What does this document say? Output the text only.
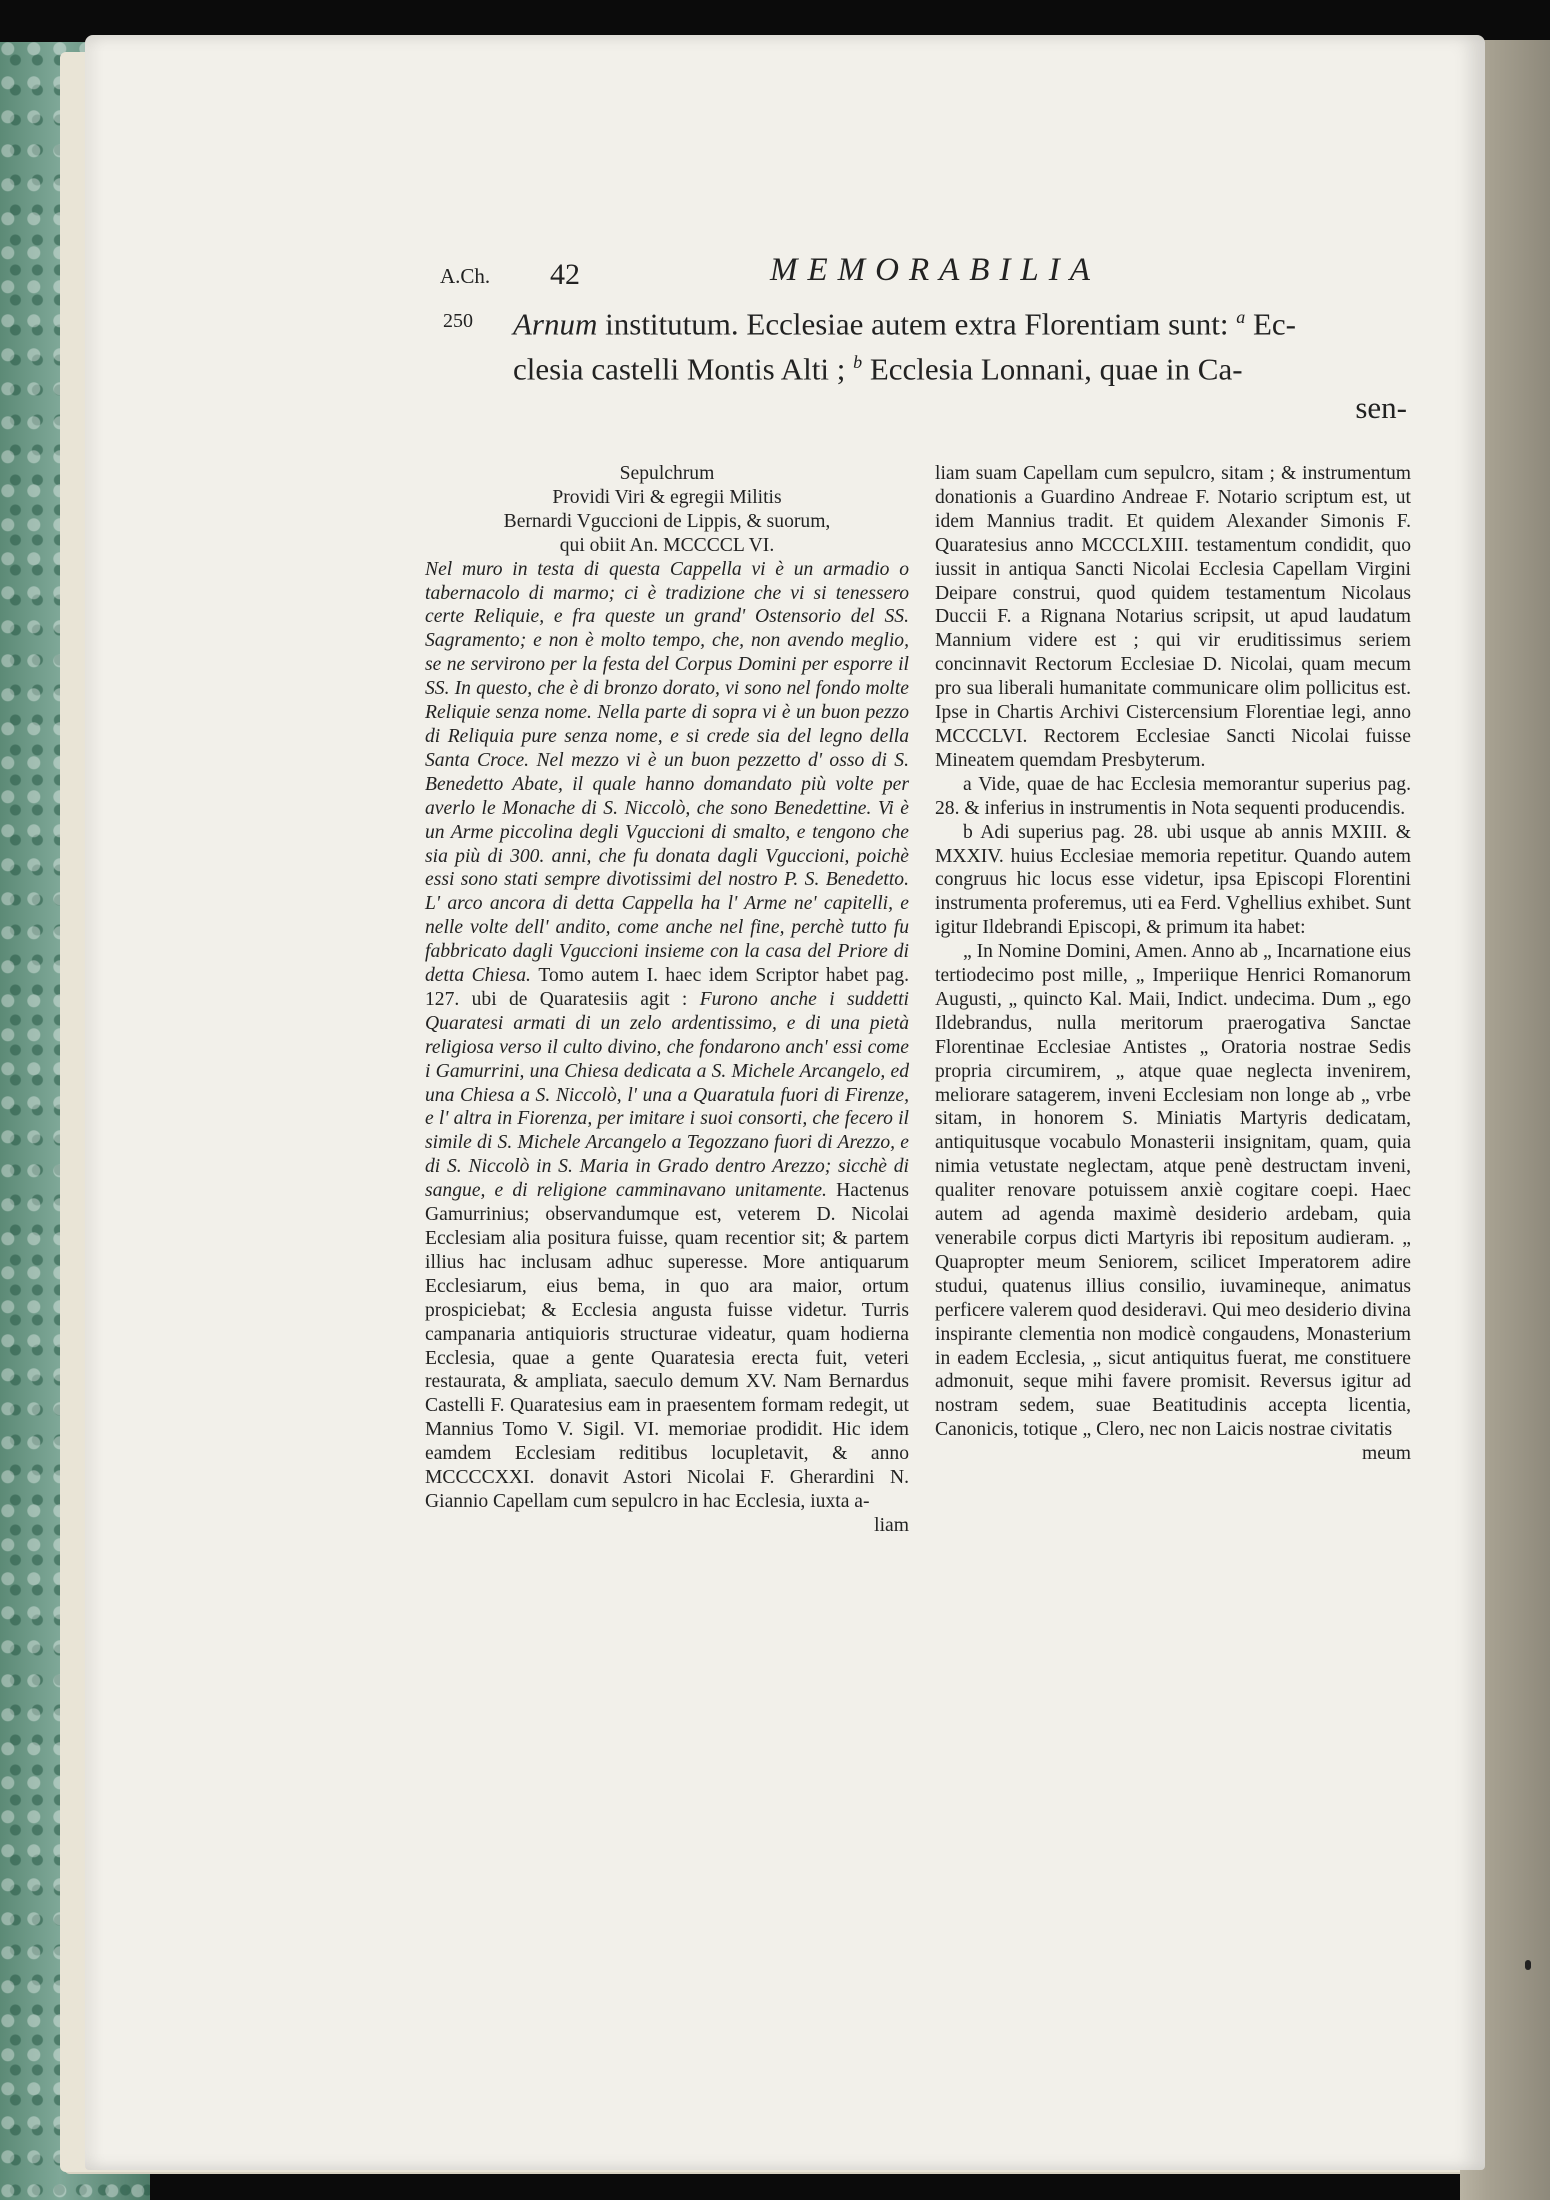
A.Ch. 42	MEMORABILIA
250	Arnum institutum. Ecclesiae autem extra Florentiam sunt: $^a$ Ec-
clesia castelli Montis Alti ; $^b$ Ecclesia Lonnani, quae in Ca-
sen-

Sepulchrum

Providi Viri & egregii Militis

Bernardi Vguccioni de Lippis, & suorum,

qui obiit An. MCCCCL VI.

Nel muro in testa di questa Cappella vi è un armadio o tabernacolo di marmo; ci è tradizione che vi si tenessero certe Reliquie, e fra queste un grand' Ostensorio del SS. Sagramento; e non è molto tempo, che, non avendo meglio, se ne servirono per la festa del Corpus Domini per esporre il SS. In questo, che è di bronzo dorato, vi sono nel fondo molte Reliquie senza nome. Nella parte di sopra vi è un buon pezzo di Reliquia pure senza nome, e si crede sia del legno della Santa Croce. Nel mezzo vi è un buon pezzetto d' osso di S. Benedetto Abate, il quale hanno domandato più volte per averlo le Monache di S. Niccolò, che sono Benedettine. Vi è un Arme piccolina degli Vguccioni di smalto, e tengono che sia più di 300. anni, che fu donata dagli Vguccioni, poichè essi sono stati sempre divotissimi del nostro P. S. Benedetto. L' arco ancora di detta Cappella ha l' Arme ne' capitelli, e nelle volte dell' andito, come anche nel fine, perchè tutto fu fabbricato dagli Vguccioni insieme con la casa del Priore di detta Chiesa. Tomo autem I. haec idem Scriptor habet pag. 127. ubi de Quaratesiis agit : Furono anche i suddetti Quaratesi armati di un zelo ardentissimo, e di una pietà religiosa verso il culto divino, che fondarono anch' essi come i Gamurrini, una Chiesa dedicata a S. Michele Arcangelo, ed una Chiesa a S. Niccolò, l' una a Quaratula fuori di Firenze, e l' altra in Fiorenza, per imitare i suoi consorti, che fecero il simile di S. Michele Arcangelo a Tegozzano fuori di Arezzo, e di S. Niccolò in S. Maria in Grado dentro Arezzo; sicchè di sangue, e di religione camminavano unitamente. Hactenus Gamurrinius; observandumque est, veterem D. Nicolai Ecclesiam alia positura fuisse, quam recentior sit; & partem illius hac inclusam adhuc superesse. More antiquarum Ecclesiarum, eius bema, in quo ara maior, ortum prospiciebat; & Ecclesia angusta fuisse videtur. Turris campanaria antiquioris structurae videatur, quam hodierna Ecclesia, quae a gente Quaratesia erecta fuit, veteri restaurata, & ampliata, saeculo demum XV. Nam Bernardus Castelli F. Quaratesius eam in praesentem formam redegit, ut Mannius Tomo V. Sigil. VI. memoriae prodidit. Hic idem eamdem Ecclesiam reditibus locupletavit, & anno MCCCCXXI. donavit Astori Nicolai F. Gherardini N. Giannio Capellam cum sepulcro in hac Ecclesia, iuxta a-

liam

liam suam Capellam cum sepulcro, sitam ; & instrumentum donationis a Guardino Andreae F. Notario scriptum est, ut idem Mannius tradit. Et quidem Alexander Simonis F. Quaratesius anno MCCCLXIII. testamentum condidit, quo iussit in antiqua Sancti Nicolai Ecclesia Capellam Virgini Deipare construi, quod quidem testamentum Nicolaus Duccii F. a Rignana Notarius scripsit, ut apud laudatum Mannium videre est ; qui vir eruditissimus seriem concinnavit Rectorum Ecclesiae D. Nicolai, quam mecum pro sua liberali humanitate communicare olim pollicitus est. Ipse in Chartis Archivi Cistercensium Florentiae legi, anno MCCCLVI. Rectorem Ecclesiae Sancti Nicolai fuisse Mineatem quemdam Presbyterum.

a Vide, quae de hac Ecclesia memorantur superius pag. 28. & inferius in instrumentis in Nota sequenti producendis.

b Adi superius pag. 28. ubi usque ab annis MXIII. & MXXIV. huius Ecclesiae memoria repetitur. Quando autem congruus hic locus esse videtur, ipsa Episcopi Florentini instrumenta proferemus, uti ea Ferd. Vghellius exhibet. Sunt igitur Ildebrandi Episcopi, & primum ita habet:

„ In Nomine Domini, Amen. Anno ab „ Incarnatione eius tertiodecimo post mille, „ Imperiique Henrici Romanorum Augusti, „ quincto Kal. Maii, Indict. undecima. Dum „ ego Ildebrandus, nulla meritorum praerogativa Sanctae Florentinae Ecclesiae Antistes „ Oratoria nostrae Sedis propria circumirem, „ atque quae neglecta invenirem, meliorare satagerem, inveni Ecclesiam non longe ab „ vrbe sitam, in honorem S. Miniatis Martyris dedicatam, antiquitusque vocabulo Monasterii insignitam, quam, quia nimia vetustate neglectam, atque penè destructam inveni, qualiter renovare potuissem anxiè cogitare coepi. Haec autem ad agenda maximè desiderio ardebam, quia venerabile corpus dicti Martyris ibi repositum audieram. „ Quapropter meum Seniorem, scilicet Imperatorem adire studui, quatenus illius consilio, iuvamineque, animatus perficere valerem quod desideravi. Qui meo desiderio divina inspirante clementia non modicè congaudens, Monasterium in eadem Ecclesia, „ sicut antiquitus fuerat, me constituere admonuit, seque mihi favere promisit. Reversus igitur ad nostram sedem, suae Beatitudinis accepta licentia, Canonicis, totique „ Clero, nec non Laicis nostrae civitatis

meum
